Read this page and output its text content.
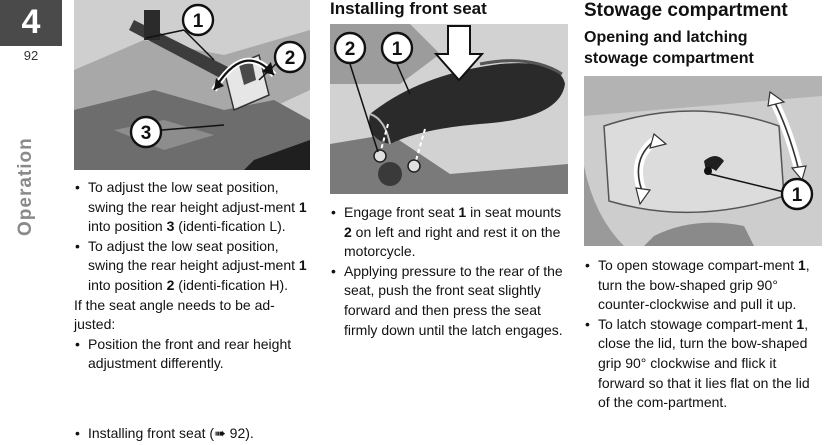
4
92
Operation
1
2
3
• To adjust the low seat position, swing the rear height adjust-ment 1 into position 3 (identi-fication L).
• To adjust the low seat position, swing the rear height adjust-ment 1 into position 2 (identi-fication H).

If the seat angle needs to be ad-justed:

• Position the front and rear height adjustment differently.
• Installing front seat (➠ 92).
Installing front seat
2 1
• Engage front seat 1 in seat mounts 2 on left and right and rest it on the motorcycle.
• Applying pressure to the rear of the seat, push the front seat slightly forward and then press the seat firmly down until the latch engages.
Stowage compartment
Opening and latching stowage compartment
1
• To open stowage compart-ment 1, turn the bow-shaped grip 90° counter-clockwise and pull it up.
• To latch stowage compart-ment 1, close the lid, turn the bow-shaped grip 90° clockwise and flick it forward so that it lies flat on the lid of the com-partment.
